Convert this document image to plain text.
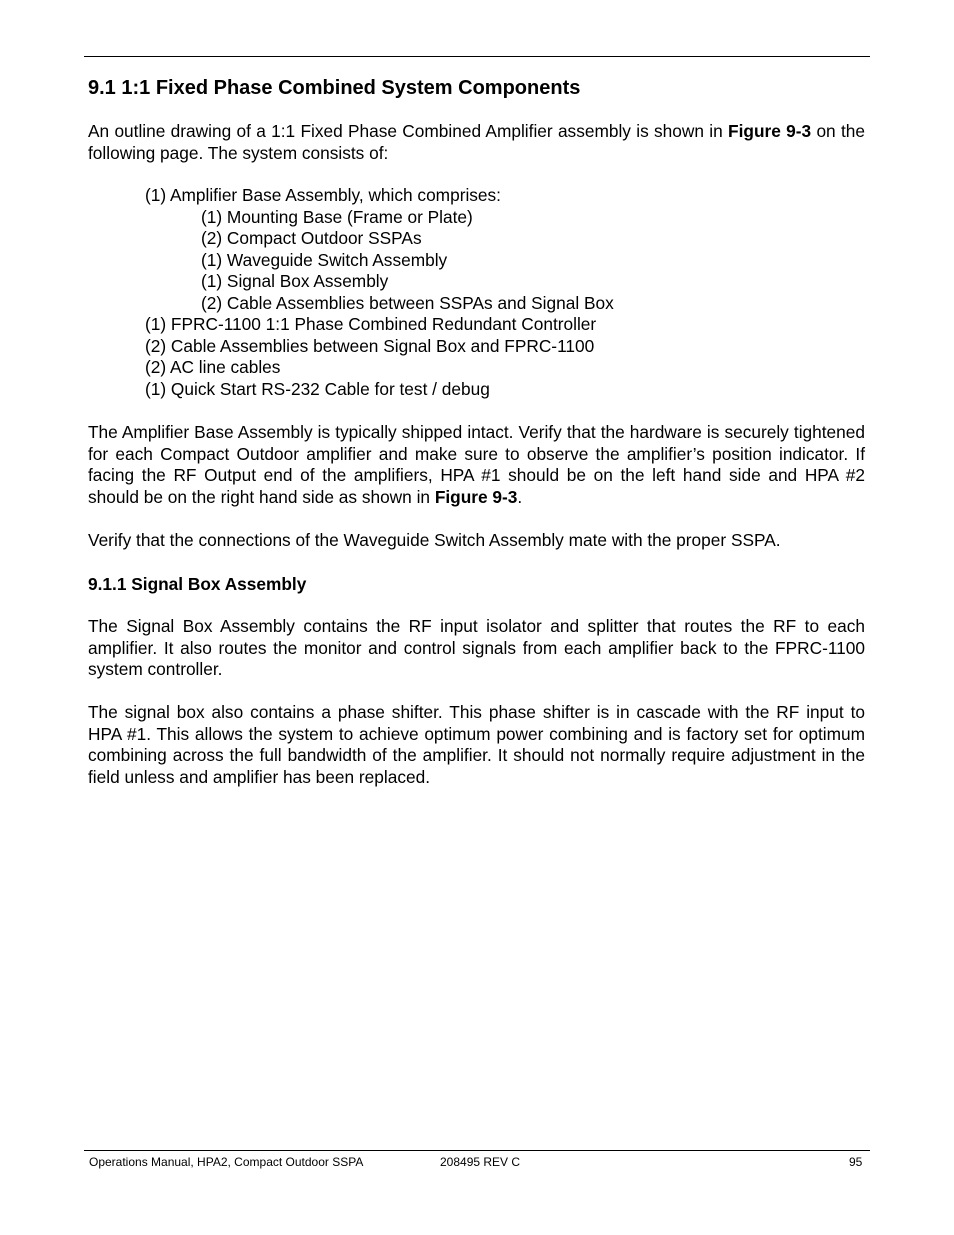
9.1 1:1 Fixed Phase Combined System Components

An outline drawing of a 1:1 Fixed Phase Combined Amplifier assembly is shown in Figure 9-3 on the following page. The system consists of:

(1) Amplifier Base Assembly, which comprises:
(1) Mounting Base (Frame or Plate)
(2) Compact Outdoor SSPAs
(1) Waveguide Switch Assembly
(1) Signal Box Assembly
(2) Cable Assemblies between SSPAs and Signal Box
(1) FPRC-1100 1:1 Phase Combined Redundant Controller
(2) Cable Assemblies between Signal Box and FPRC-1100
(2) AC line cables
(1) Quick Start RS-232 Cable for test / debug

The Amplifier Base Assembly is typically shipped intact. Verify that the hardware is securely tightened for each Compact Outdoor amplifier and make sure to observe the amplifier’s position indicator. If facing the RF Output end of the amplifiers, HPA #1 should be on the left hand side and HPA #2 should be on the right hand side as shown in Figure 9-3.

Verify that the connections of the Waveguide Switch Assembly mate with the proper SSPA.

9.1.1 Signal Box Assembly

The Signal Box Assembly contains the RF input isolator and splitter that routes the RF to each amplifier. It also routes the monitor and control signals from each amplifier back to the FPRC-1100 system controller.

The signal box also contains a phase shifter. This phase shifter is in cascade with the RF input to HPA #1. This allows the system to achieve optimum power combining and is factory set for optimum combining across the full bandwidth of the amplifier. It should not normally require adjustment in the field unless and amplifier has been replaced.

Operations Manual, HPA2, Compact Outdoor SSPA	208495 REV C	95
